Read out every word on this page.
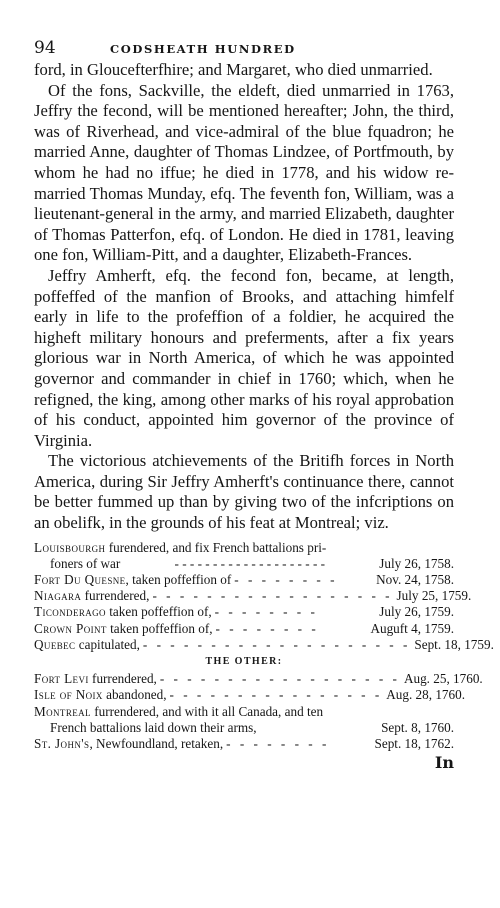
94	CODSHEATH HUNDRED

ford, in Gloucefterfhire; and Margaret, who died unmarried.

Of the fons, Sackville, the eldeft, died unmarried in 1763, Jeffry the fecond, will be mentioned hereafter; John, the third, was of Riverhead, and vice-admiral of the blue fquadron; he married Anne, daughter of Thomas Lindzee, of Portfmouth, by whom he had no iffue; he died in 1778, and his widow re-married Thomas Munday, efq. The feventh fon, William, was a lieutenant-general in the army, and married Elizabeth, daughter of Thomas Patterfon, efq. of London. He died in 1781, leaving one fon, William-Pitt, and a daughter, Elizabeth-Frances.

Jeffry Amherft, efq. the fecond fon, became, at length, poffeffed of the manfion of Brooks, and attaching himfelf early in life to the profeffion of a foldier, he acquired the higheft military honours and preferments, after a fix years glorious war in North America, of which he was appointed governor and commander in chief in 1760; which, when he refigned, the king, among other marks of his royal approbation of his conduct, appointed him governor of the province of Virginia.

The victorious atchievements of the Britifh forces in North America, during Sir Jeffry Amherft's continuance there, cannot be better fummed up than by giving two of the infcriptions on an obelifk, in the grounds of his feat at Montreal; viz.

Louisbourgh furendered, and fix French battalions pri-
foners of war	- - - - - - - - - - - - - - - - - - - -	July 26, 1758.
Fort Du Quesne, taken poffeffion of - - - - - - - -	Nov. 24, 1758.
Niagara furrendered, - - - - - - - - - - - - - - - - - - July 25, 1759.
Ticonderago taken poffeffion of, - - - - - - - -	July 26, 1759.
Crown Point taken poffeffion of, - - - - - - - -	Auguft 4, 1759.
Quebec capitulated, - - - - - - - - - - - - - - - - - - - - Sept. 18, 1759.
THE OTHER:
Fort Levi furrendered, - - - - - - - - - - - - - - - - - - Aug. 25, 1760.
Isle of Noix abandoned, - - - - - - - - - - - - - - - - Aug. 28, 1760.
Montreal furrendered, and with it all Canada, and ten
French battalions laid down their arms,	Sept. 8, 1760.
St. John's, Newfoundland, retaken, - - - - - - - -	Sept. 18, 1762.
In
